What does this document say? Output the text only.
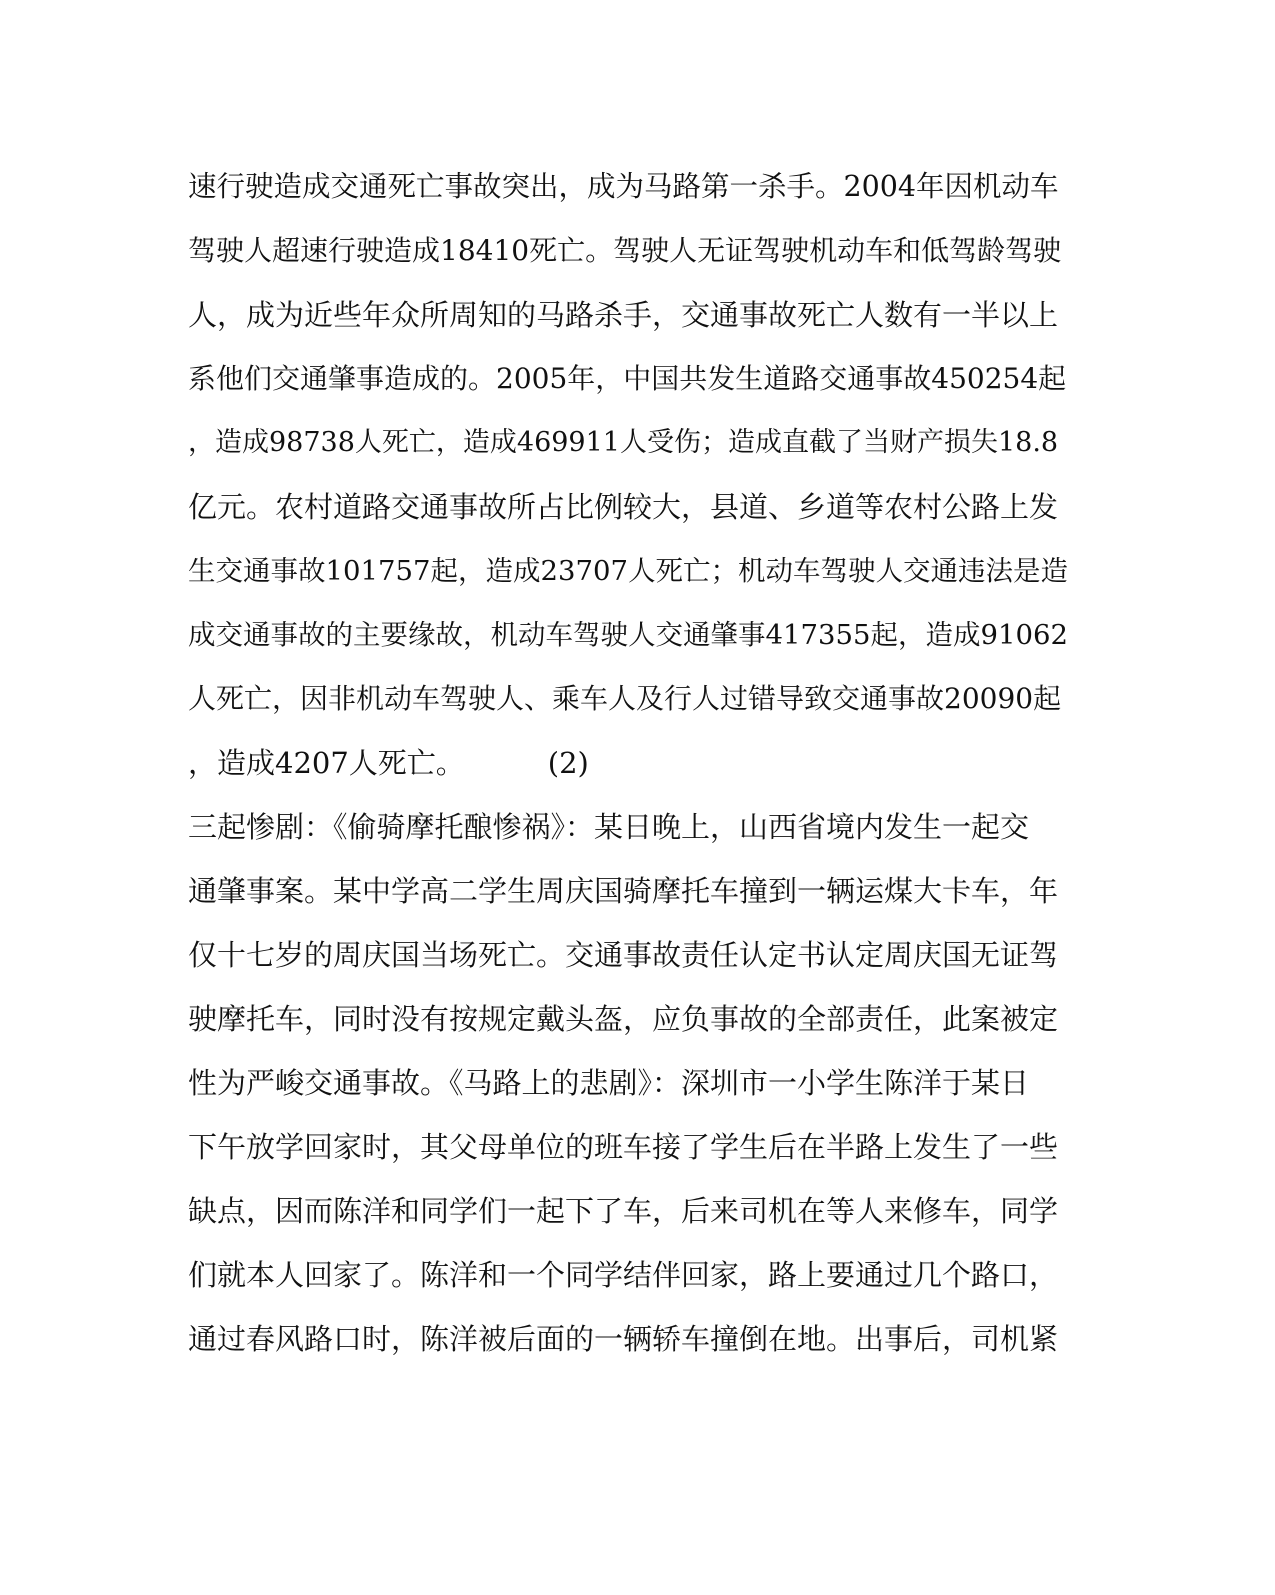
速行驶造成交通死亡事故突出，成为马路第一杀手。2004年因机动车
驾驶人超速行驶造成18410死亡。驾驶人无证驾驶机动车和低驾龄驾驶
人，成为近些年众所周知的马路杀手，交通事故死亡人数有一半以上
系他们交通肇事造成的。2005年，中国共发生道路交通事故450254起
，造成98738人死亡，造成469911人受伤；造成直截了当财产损失18.8
亿元。农村道路交通事故所占比例较大，县道、乡道等农村公路上发
生交通事故101757起，造成23707人死亡；机动车驾驶人交通违法是造
成交通事故的主要缘故，机动车驾驶人交通肇事417355起，造成91062
人死亡，因非机动车驾驶人、乘车人及行人过错导致交通事故20090起
，造成4207人死亡。         (2)
三起惨剧：《偷骑摩托酿惨祸》：某日晚上，山西省境内发生一起交
通肇事案。某中学高二学生周庆国骑摩托车撞到一辆运煤大卡车，年
仅十七岁的周庆国当场死亡。交通事故责任认定书认定周庆国无证驾
驶摩托车，同时没有按规定戴头盔，应负事故的全部责任，此案被定
性为严峻交通事故。《马路上的悲剧》：深圳市一小学生陈洋于某日
下午放学回家时，其父母单位的班车接了学生后在半路上发生了一些
缺点，因而陈洋和同学们一起下了车，后来司机在等人来修车，同学
们就本人回家了。陈洋和一个同学结伴回家，路上要通过几个路口，
通过春风路口时，陈洋被后面的一辆轿车撞倒在地。出事后，司机紧
